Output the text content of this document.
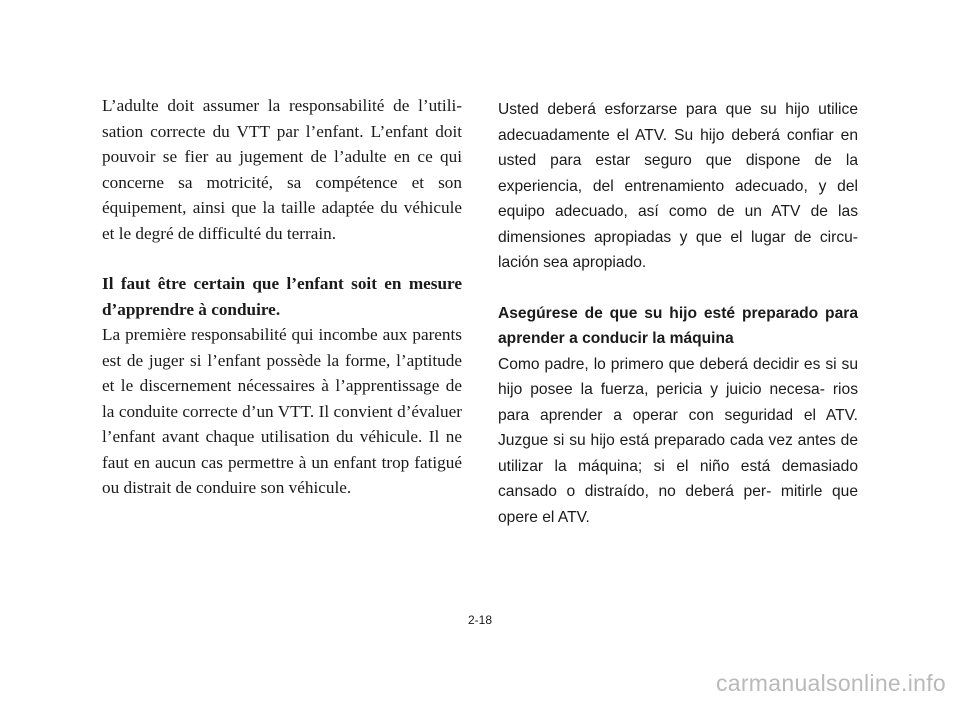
L’adulte doit assumer la responsabilité de l’utili- sation correcte du VTT par l’enfant. L’enfant doit pouvoir se fier au jugement de l’adulte en ce qui concerne sa motricité, sa compétence et son équipement, ainsi que la taille adaptée du véhicule et le degré de difficulté du terrain.

Il faut être certain que l’enfant soit en mesure d’apprendre à conduire.

La première responsabilité qui incombe aux parents est de juger si l’enfant possède la forme, l’aptitude et le discernement nécessaires à l’apprentissage de la conduite correcte d’un VTT. Il convient d’évaluer l’enfant avant chaque utilisation du véhicule. Il ne faut en aucun cas permettre à un enfant trop fatigué ou distrait de conduire son véhicule.

Usted deberá esforzarse para que su hijo utilice adecuadamente el ATV. Su hijo deberá confiar en usted para estar seguro que dispone de la experiencia, del entrenamiento adecuado, y del equipo adecuado, así como de un ATV de las dimensiones apropiadas y que el lugar de circu- lación sea apropiado.

Asegúrese de que su hijo esté preparado para aprender a conducir la máquina

Como padre, lo primero que deberá decidir es si su hijo posee la fuerza, pericia y juicio necesa- rios para aprender a operar con seguridad el ATV. Juzgue si su hijo está preparado cada vez antes de utilizar la máquina; si el niño está demasiado cansado o distraído, no deberá per- mitirle que opere el ATV.

2-18
carmanualsonline.info
